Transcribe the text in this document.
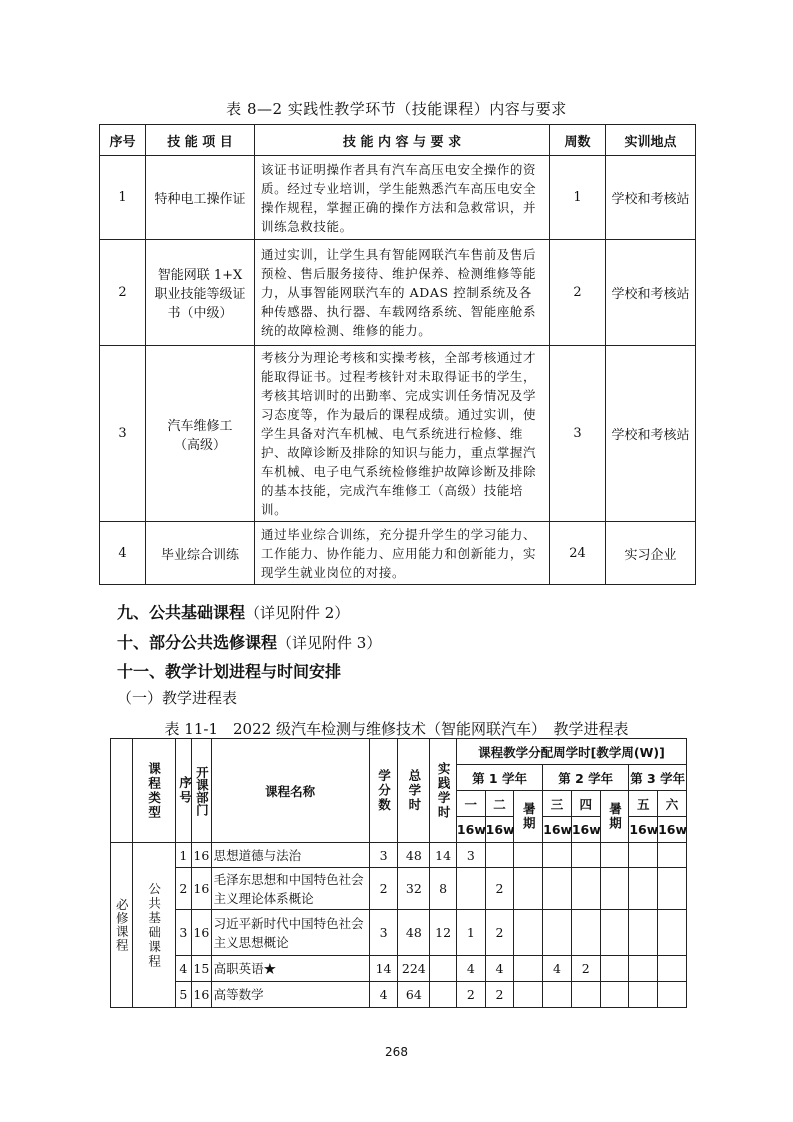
表 8—2 实践性教学环节（技能课程）内容与要求
序号	技 能 项 目	技 能 内 容 与 要 求	周数	实训地点
1	特种电工操作证	该证书证明操作者具有汽车高压电安全操作的资质。经过专业培训，学生能熟悉汽车高压电安全操作规程，掌握正确的操作方法和急救常识，并训练急救技能。	1	学校和考核站
2	智能网联 1+X 职业技能等级证书（中级）	通过实训，让学生具有智能网联汽车售前及售后预检、售后服务接待、维护保养、检测维修等能力，从事智能网联汽车的 ADAS 控制系统及各种传感器、执行器、车载网络系统、智能座舱系统的故障检测、维修的能力。	2	学校和考核站
3	汽车维修工（高级）	考核分为理论考核和实操考核，全部考核通过才能取得证书。过程考核针对未取得证书的学生，考核其培训时的出勤率、完成实训任务情况及学习态度等，作为最后的课程成绩。通过实训，使学生具备对汽车机械、电气系统进行检修、维护、故障诊断及排除的知识与能力，重点掌握汽车机械、电子电气系统检修维护故障诊断及排除的基本技能，完成汽车维修工（高级）技能培训。	3	学校和考核站
4	毕业综合训练	通过毕业综合训练，充分提升学生的学习能力、工作能力、协作能力、应用能力和创新能力，实现学生就业岗位的对接。	24	实习企业
九、公共基础课程（详见附件 2）
十、部分公共选修课程（详见附件 3）
十一、教学计划进程与时间安排
（一）教学进程表
表 11-1　2022 级汽车检测与维修技术（智能网联汽车）　教学进程表

	课程类型	序号	开课部门	课程名称	学分数	总学时	实践学时	课程教学分配周学时[教学周(W)]							
								第 1 学年			第 2 学年			第 3 学年	
								一	二	暑期	三	四	暑期	五	六
								16w	16w		16w	16w		16w	16w

必修课程	公共基础课程	1	16	思想道德与法治	3	48	14	3							
		2	16	毛泽东思想和中国特色社会主义理论体系概论	2	32	8		2						
		3	16	习近平新时代中国特色社会主义思想概论	3	48	12	1	2						
		4	15	高职英语★	14	224		4	4		4	2			
		5	16	高等数学	4	64		2	2						
268
